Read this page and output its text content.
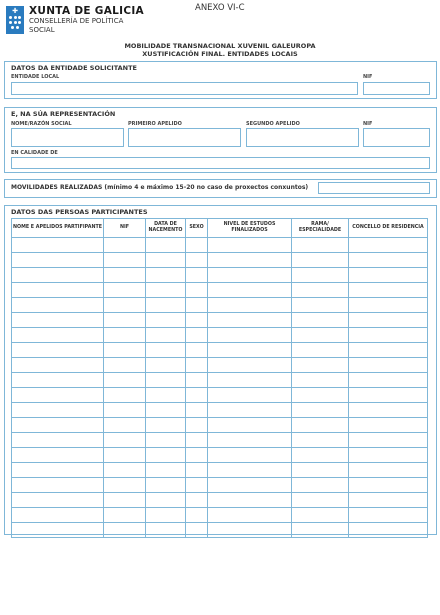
✚ XUNTA DE GALICIA
CONSELLERÍA DE POLÍTICA SOCIAL
ANEXO VI-C
MOBILIDADE TRANSNACIONAL XUVENIL GALEUROPA
XUSTIFICACIÓN FINAL. ENTIDADES LOCAIS
DATOS DA ENTIDADE SOLICITANTE
ENTIDADE LOCAL	NIF
E, NA SÚA REPRESENTACIÓN
NOME/RAZÓN SOCIAL	PRIMEIRO APELIDO	SEGUNDO APELIDO	NIF
EN CALIDADE DE
MOVILIDADES REALIZADAS (mínimo 4 e máximo 15-20 no caso de proxectos conxuntos)
DATOS DAS PERSOAS PARTICIPANTES
NOME E APELIDOS PARTIFIPANTE	NIF	DATA DE NACEMENTO	SEXO	NIVEL DE ESTUDOS FINALIZADOS	RAMA/ ESPECIALIDADE	CONCELLO DE RESIDENCIA
